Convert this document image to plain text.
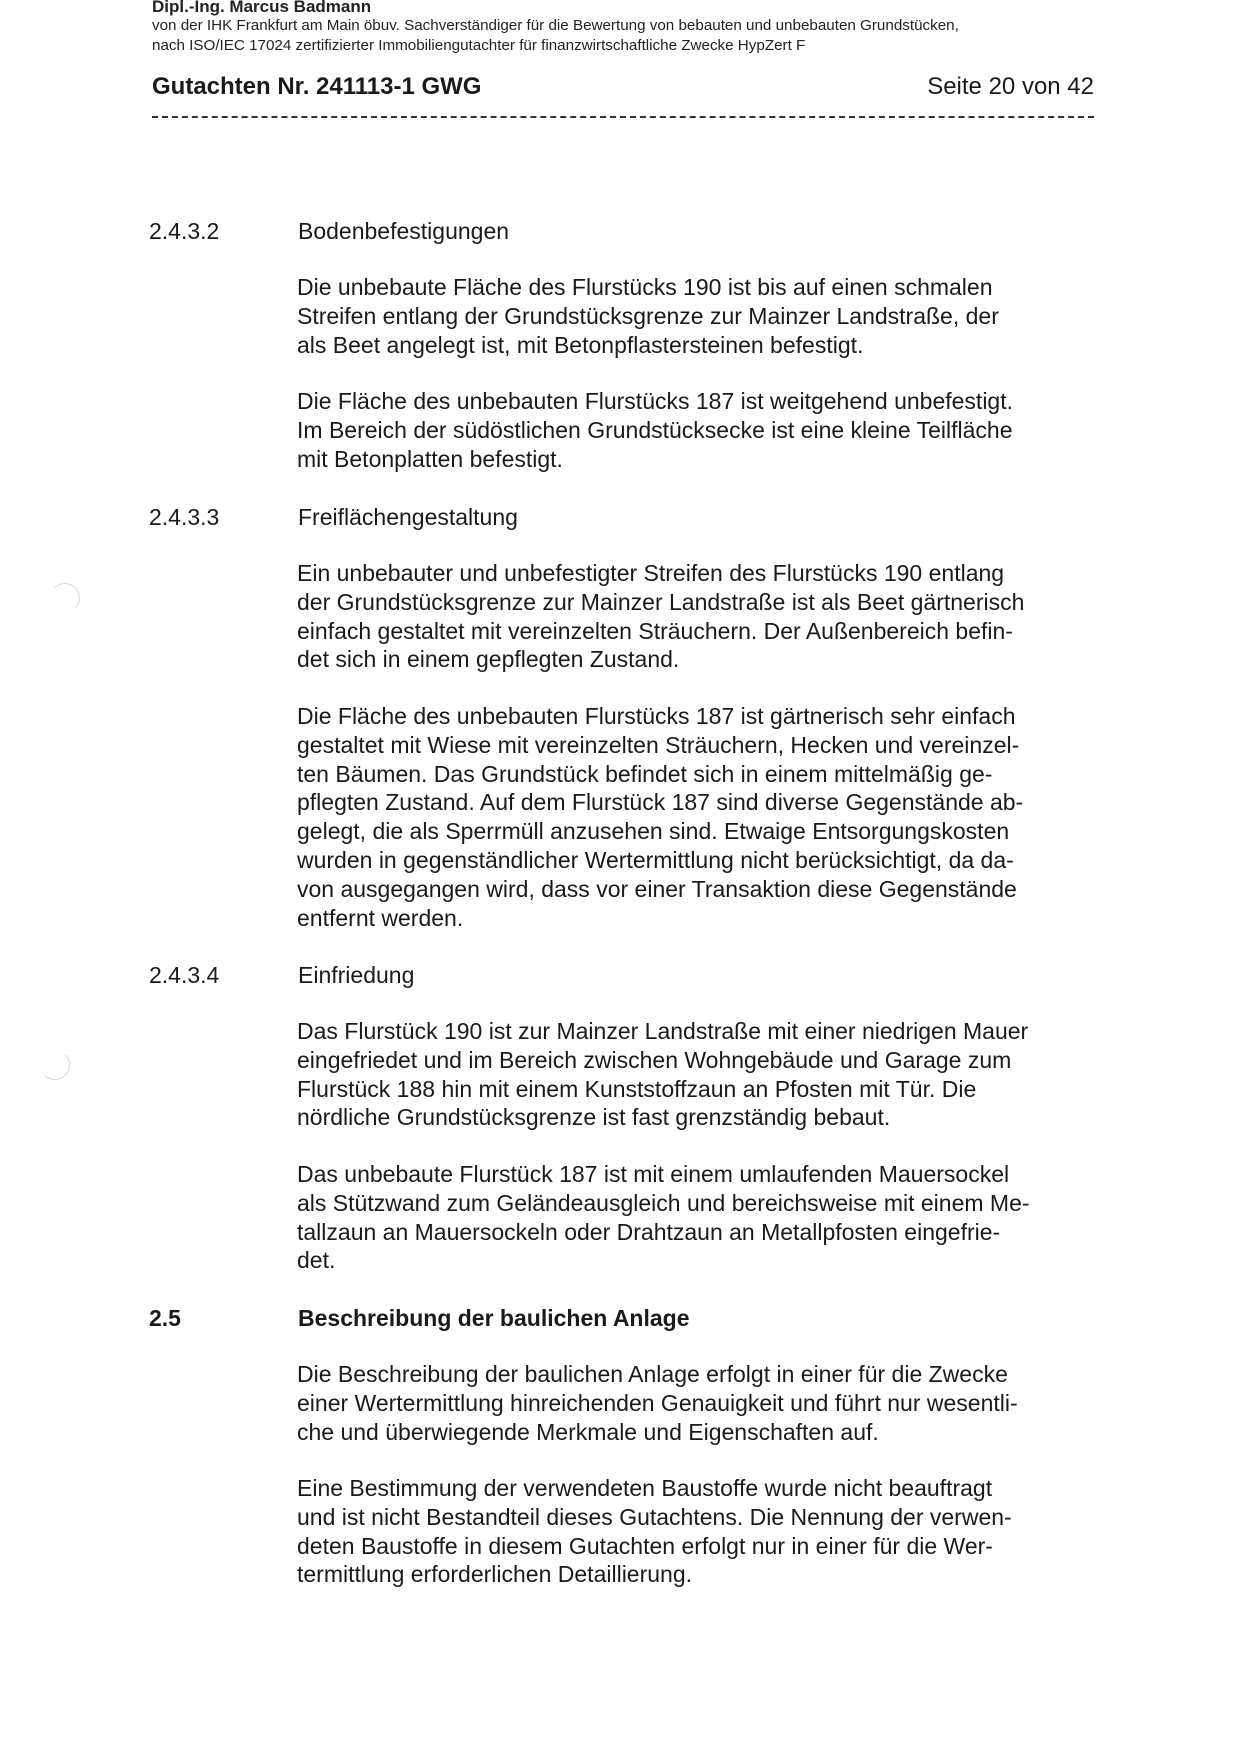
Dipl.-Ing. Marcus Badmann
von der IHK Frankfurt am Main öbuv. Sachverständiger für die Bewertung von bebauten und unbebauten Grundstücken,
nach ISO/IEC 17024 zertifizierter Immobiliengutachter für finanzwirtschaftliche Zwecke HypZert F
Gutachten Nr. 241113-1 GWG	Seite 20 von 42
2.4.3.2	Bodenbefestigungen
Die unbebaute Fläche des Flurstücks 190 ist bis auf einen schmalen
Streifen entlang der Grundstücksgrenze zur Mainzer Landstraße, der
als Beet angelegt ist, mit Betonpflastersteinen befestigt.
Die Fläche des unbebauten Flurstücks 187 ist weitgehend unbefestigt.
Im Bereich der südöstlichen Grundstücksecke ist eine kleine Teilfläche
mit Betonplatten befestigt.
2.4.3.3	Freiflächengestaltung
Ein unbebauter und unbefestigter Streifen des Flurstücks 190 entlang
der Grundstücksgrenze zur Mainzer Landstraße ist als Beet gärtnerisch
einfach gestaltet mit vereinzelten Sträuchern. Der Außenbereich befin-
det sich in einem gepflegten Zustand.
Die Fläche des unbebauten Flurstücks 187 ist gärtnerisch sehr einfach
gestaltet mit Wiese mit vereinzelten Sträuchern, Hecken und vereinzel-
ten Bäumen. Das Grundstück befindet sich in einem mittelmäßig ge-
pflegten Zustand. Auf dem Flurstück 187 sind diverse Gegenstände ab-
gelegt, die als Sperrmüll anzusehen sind. Etwaige Entsorgungskosten
wurden in gegenständlicher Wertermittlung nicht berücksichtigt, da da-
von ausgegangen wird, dass vor einer Transaktion diese Gegenstände
entfernt werden.
2.4.3.4	Einfriedung
Das Flurstück 190 ist zur Mainzer Landstraße mit einer niedrigen Mauer
eingefriedet und im Bereich zwischen Wohngebäude und Garage zum
Flurstück 188 hin mit einem Kunststoffzaun an Pfosten mit Tür. Die
nördliche Grundstücksgrenze ist fast grenzständig bebaut.
Das unbebaute Flurstück 187 ist mit einem umlaufenden Mauersockel
als Stützwand zum Geländeausgleich und bereichsweise mit einem Me-
tallzaun an Mauersockeln oder Drahtzaun an Metallpfosten eingefrie-
det.
2.5	Beschreibung der baulichen Anlage
Die Beschreibung der baulichen Anlage erfolgt in einer für die Zwecke
einer Wertermittlung hinreichenden Genauigkeit und führt nur wesentli-
che und überwiegende Merkmale und Eigenschaften auf.
Eine Bestimmung der verwendeten Baustoffe wurde nicht beauftragt
und ist nicht Bestandteil dieses Gutachtens. Die Nennung der verwen-
deten Baustoffe in diesem Gutachten erfolgt nur in einer für die Wer-
termittlung erforderlichen Detaillierung.
